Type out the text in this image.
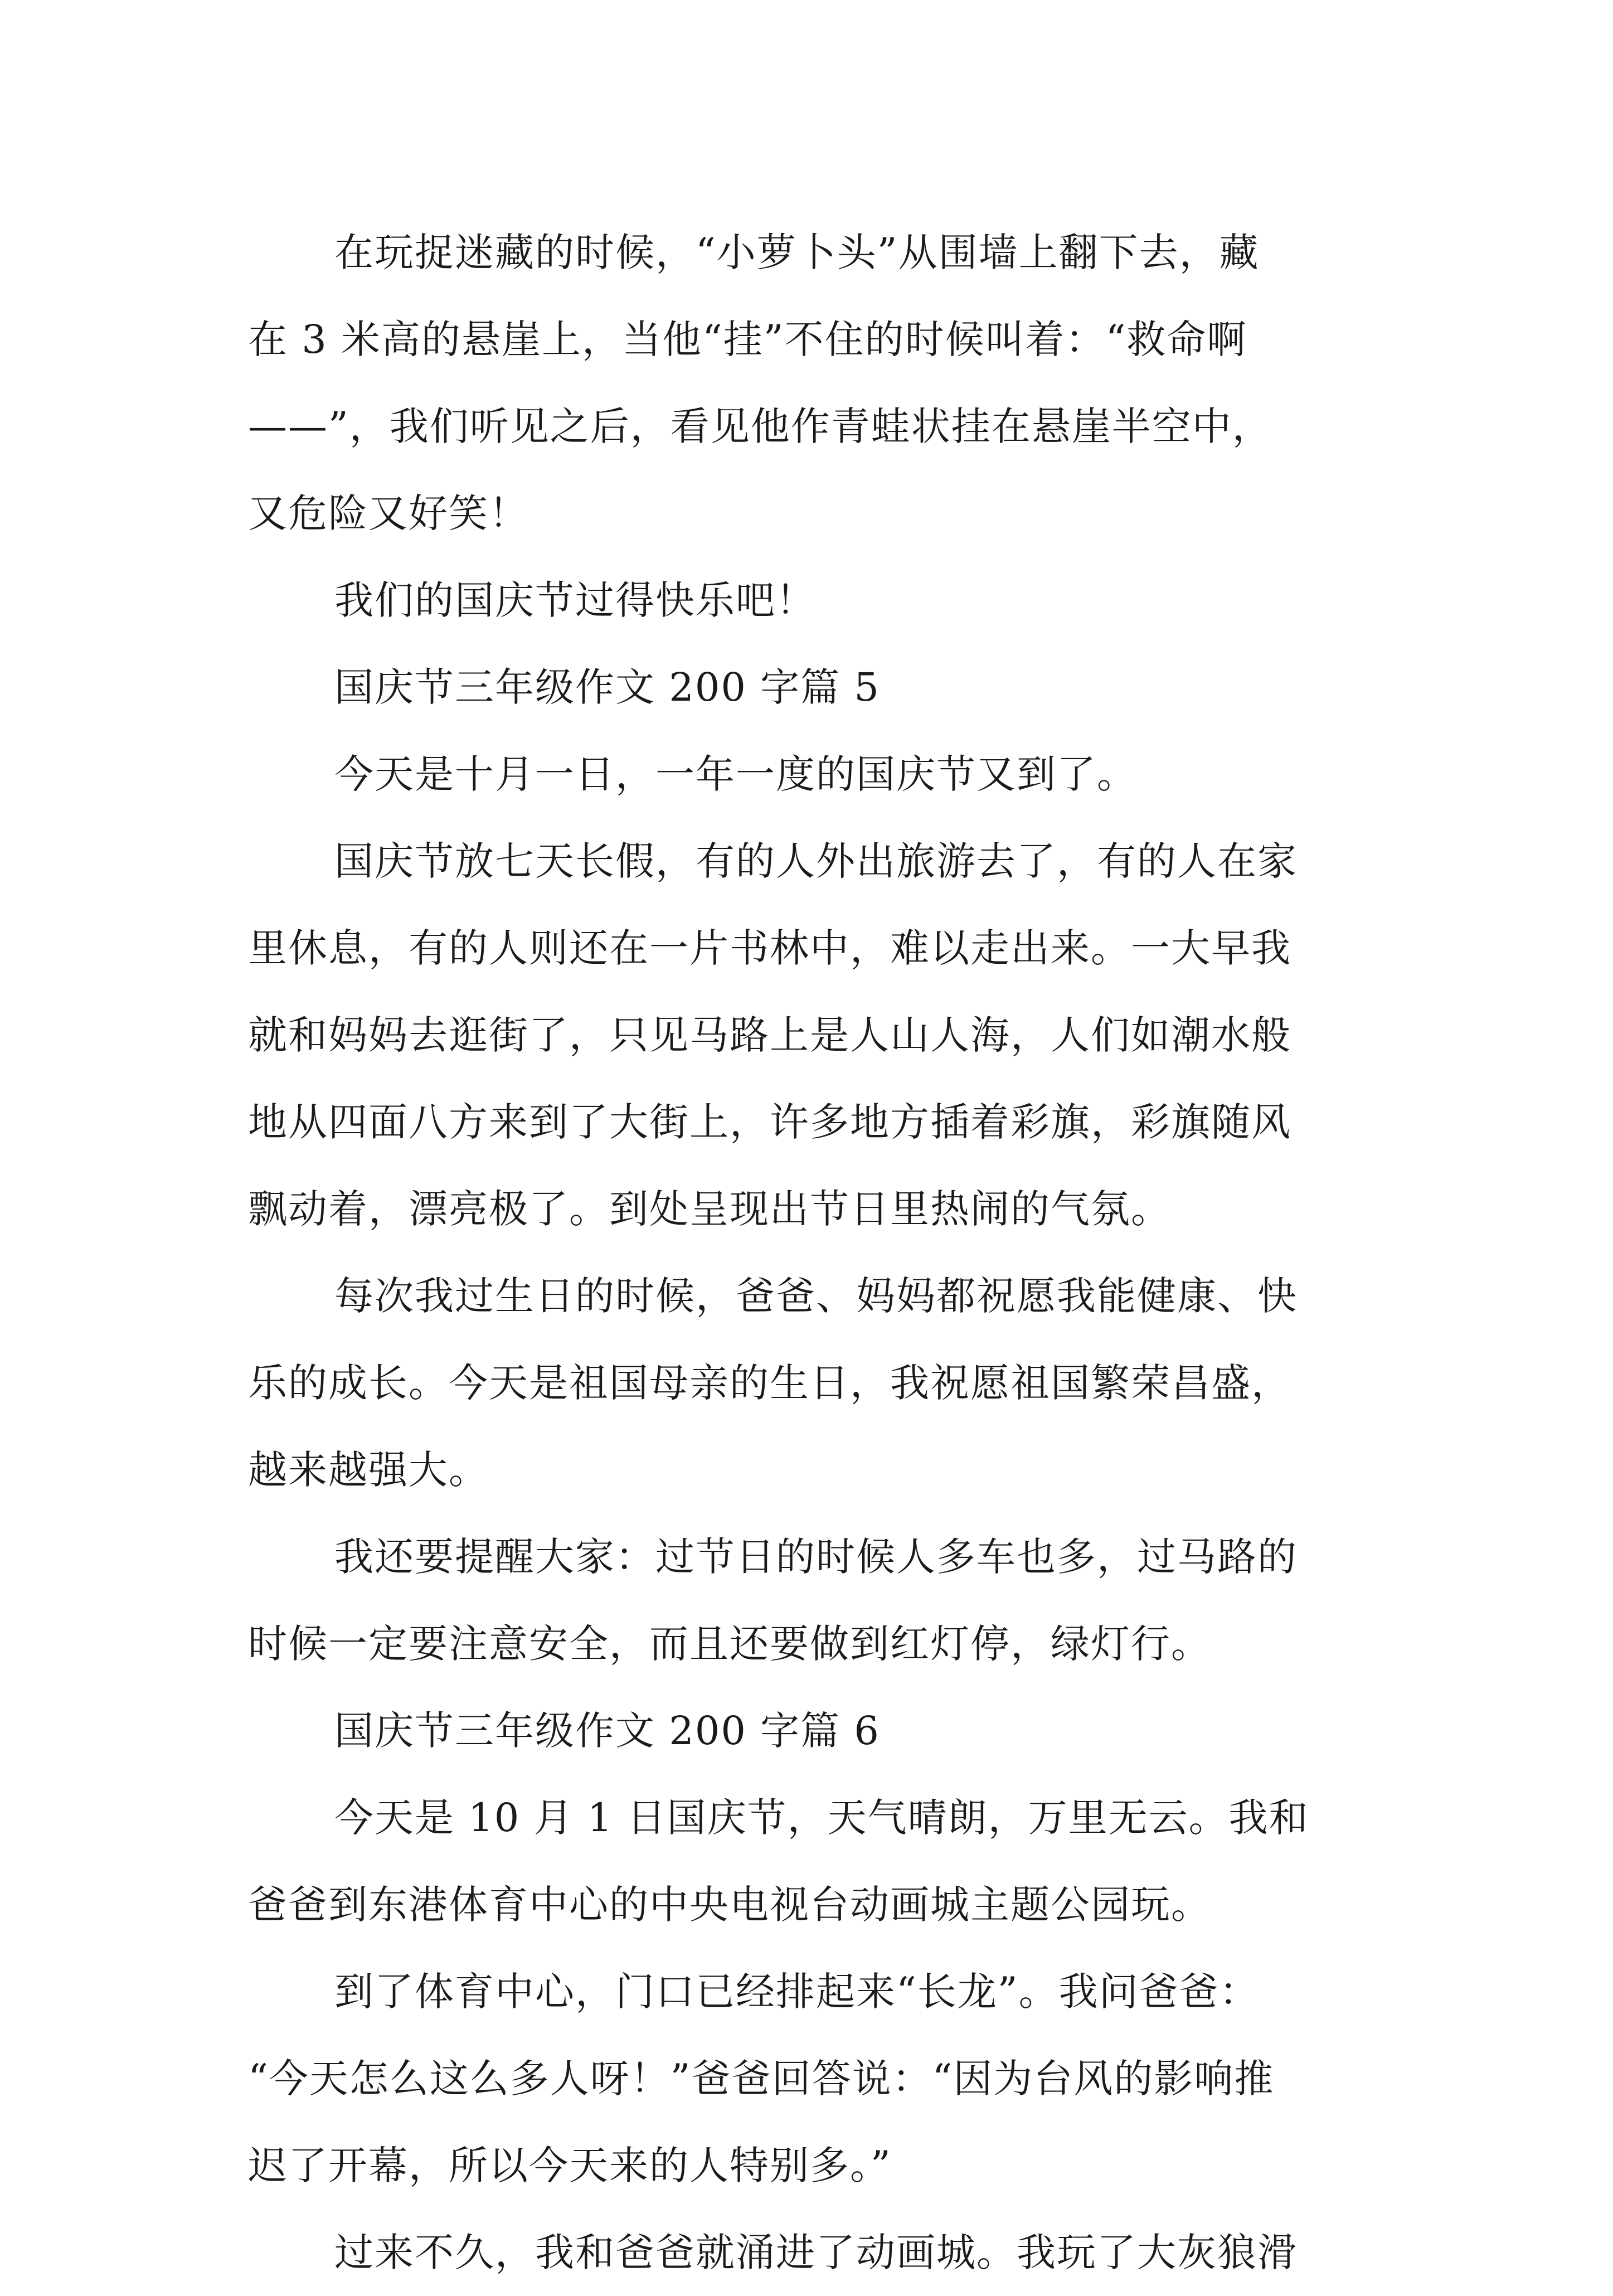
在玩捉迷藏的时候，“小萝卜头”从围墙上翻下去，藏
在 3 米高的悬崖上，当他“挂”不住的时候叫着：“救命啊
——”，我们听见之后，看见他作青蛙状挂在悬崖半空中，
又危险又好笑！

我们的国庆节过得快乐吧！

国庆节三年级作文 200 字篇 5

今天是十月一日，一年一度的国庆节又到了。

国庆节放七天长假，有的人外出旅游去了，有的人在家
里休息，有的人则还在一片书林中，难以走出来。一大早我
就和妈妈去逛街了，只见马路上是人山人海，人们如潮水般
地从四面八方来到了大街上，许多地方插着彩旗，彩旗随风
飘动着，漂亮极了。到处呈现出节日里热闹的气氛。

每次我过生日的时候，爸爸、妈妈都祝愿我能健康、快
乐的成长。今天是祖国母亲的生日，我祝愿祖国繁荣昌盛，
越来越强大。

我还要提醒大家：过节日的时候人多车也多，过马路的
时候一定要注意安全，而且还要做到红灯停，绿灯行。

国庆节三年级作文 200 字篇 6

今天是 10 月 1 日国庆节，天气晴朗，万里无云。我和
爸爸到东港体育中心的中央电视台动画城主题公园玩。

到了体育中心，门口已经排起来“长龙”。我问爸爸：
“今天怎么这么多人呀！”爸爸回答说：“因为台风的影响推
迟了开幕，所以今天来的人特别多。”

过来不久，我和爸爸就涌进了动画城。我玩了大灰狼滑
